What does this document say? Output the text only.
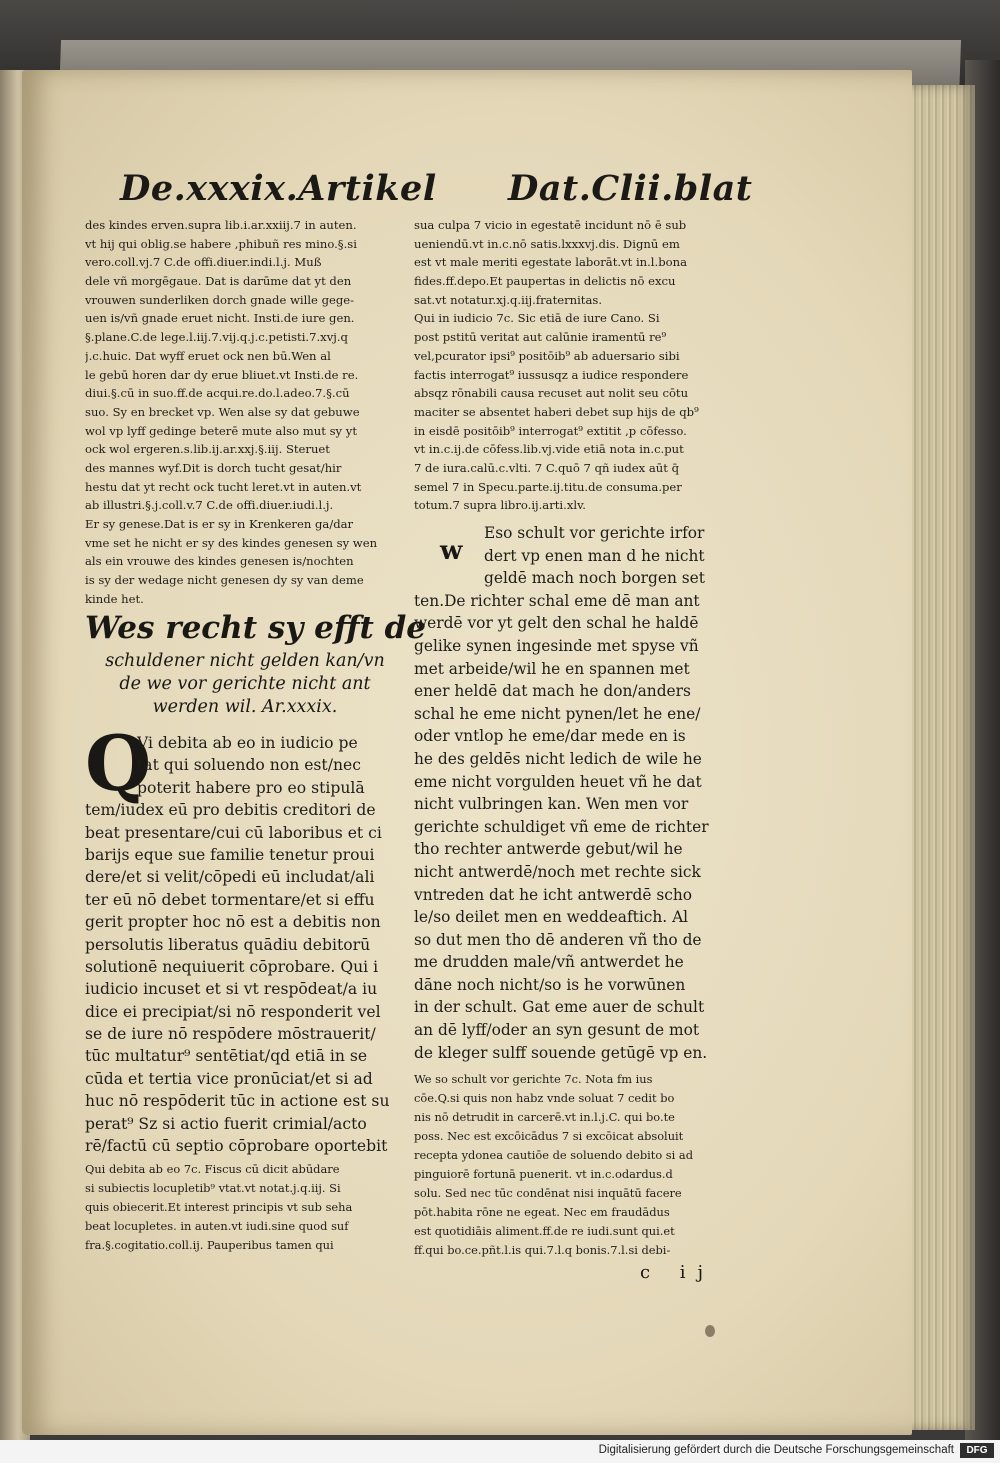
De.xxxix.Artikel Dat.Clii.blat
des kindes erven.supra lib.i.ar.xxiij.7 in auten.
vt hij qui oblig.se habere ,phibuñ res mino.§.si
vero.coll.vj.7 C.de offi.diuer.indi.l.j. Muß
dele vñ morgēgaue. Dat is darūme dat yt den
vrouwen sunderliken dorch gnade wille gege-
uen is/vñ gnade eruet nicht. Insti.de iure gen.
§.plane.C.de lege.l.iij.7.vij.q.j.c.petisti.7.xvj.q
j.c.huic. Dat wyff eruet ock nen bū.Wen al
le gebū horen dar dy erue bliuet.vt Insti.de re.
diui.§.cū in suo.ff.de acqui.re.do.l.adeo.7.§.cū
suo. Sy en brecket vp. Wen alse sy dat gebuwe
wol vp lyff gedinge beterē mute also mut sy yt
ock wol ergeren.s.lib.ij.ar.xxj.§.iij. Steruet
des mannes wyf.Dit is dorch tucht gesat/hir
hestu dat yt recht ock tucht leret.vt in auten.vt
ab illustri.§.j.coll.v.7 C.de offi.diuer.iudi.l.j.
Er sy genese.Dat is er sy in Krenkeren ga/dar
vme set he nicht er sy des kindes genesen sy wen
als ein vrouwe des kindes genesen is/nochten
is sy der wedage nicht genesen dy sy van deme
kinde het.
Wes recht sy efft de
schuldener nicht gelden kan/vn
de we vor gerichte nicht ant
werden wil. Ar.xxxix.
Q
Vi debita ab eo in iudicio pe
tat qui soluendo non est/nec
poterit habere pro eo stipulā
tem/iudex eū pro debitis creditori de
beat presentare/cui cū laboribus et ci
barijs eque sue familie tenetur proui
dere/et si velit/cōpedi eū includat/ali
ter eū nō debet tormentare/et si effu
gerit propter hoc nō est a debitis non
persolutis liberatus quādiu debitorū
solutionē nequiuerit cōprobare. Qui i
iudicio incuset et si vt respōdeat/a iu
dice ei precipiat/si nō responderit vel
se de iure nō respōdere mōstrauerit/
tūc multatur⁹ sentētiat/qd etiā in se
cūda et tertia vice pronūciat/et si ad
huc nō respōderit tūc in actione est su
perat⁹ Sz si actio fuerit crimial/acto
rē/factū cū septio cōprobare oportebit
Qui debita ab eo 7c. Fiscus cū dicit abūdare
si subiectis locupletib⁹ vtat.vt notat.j.q.iij. Si
quis obiecerit.Et interest principis vt sub seha
beat locupletes. in auten.vt iudi.sine quod suf
fra.§.cogitatio.coll.ij. Pauperibus tamen qui
sua culpa 7 vicio in egestatē incidunt nō ē sub
ueniendū.vt in.c.nō satis.lxxxvj.dis. Dignū em
est vt male meriti egestate laborāt.vt in.l.bona
fides.ff.depo.Et paupertas in delictis nō excu
sat.vt notatur.xj.q.iij.fraternitas.
Qui in iudicio 7c. Sic etiā de iure Cano. Si
post pstitū veritat aut calūnie iramentū re⁹
vel,pcurator ipsi⁹ positōib⁹ ab aduersario sibi
factis interrogat⁹ iussusqz a iudice respondere
absqz rōnabili causa recuset aut nolit seu cōtu
maciter se absentet haberi debet sup hijs de qb⁹
in eisdē positōib⁹ interrogat⁹ extitit ,p cōfesso.
vt in.c.ij.de cōfess.lib.vj.vide etiā nota in.c.put
7 de iura.calū.c.vlti. 7 C.quō 7 qñ iudex aūt q̄
semel 7 in Specu.parte.ij.titu.de consuma.per
totum.7 supra libro.ij.arti.xlv.
w
Eso schult vor gerichte irfor
dert vp enen man d he nicht
geldē mach noch borgen set
ten.De richter schal eme dē man ant
werdē vor yt gelt den schal he haldē
gelike synen ingesinde met spyse vñ
met arbeide/wil he en spannen met
ener heldē dat mach he don/anders
schal he eme nicht pynen/let he ene/
oder vntlop he eme/dar mede en is
he des geldēs nicht ledich de wile he
eme nicht vorgulden heuet vñ he dat
nicht vulbringen kan. Wen men vor
gerichte schuldiget vñ eme de richter
tho rechter antwerde gebut/wil he
nicht antwerdē/noch met rechte sick
vntreden dat he icht antwerdē scho
le/so deilet men en weddeaftich. Al
so dut men tho dē anderen vñ tho de
me drudden male/vñ antwerdet he
dāne noch nicht/so is he vorwūnen
in der schult. Gat eme auer de schult
an dē lyff/oder an syn gesunt de mot
de kleger sulff souende getūgē vp en.
We so schult vor gerichte 7c. Nota fm ius
cōe.Q.si quis non habz vnde soluat 7 cedit bo
nis nō detrudit in carcerē.vt in.l.j.C. qui bo.te
poss. Nec est excōicādus 7 si excōicat absoluit
recepta ydonea cautiōe de soluendo debito si ad
pinguiorē fortunā puenerit. vt in.c.odardus.d
solu. Sed nec tūc condēnat nisi inquātū facere
pōt.habita rōne ne egeat. Nec em fraudādus
est quotidiāis aliment.ff.de re iudi.sunt qui.et
ff.qui bo.ce.pñt.l.is qui.7.l.q bonis.7.l.si debi-
c ij
Digitalisierung gefördert durch die Deutsche Forschungsgemeinschaft	DFG
